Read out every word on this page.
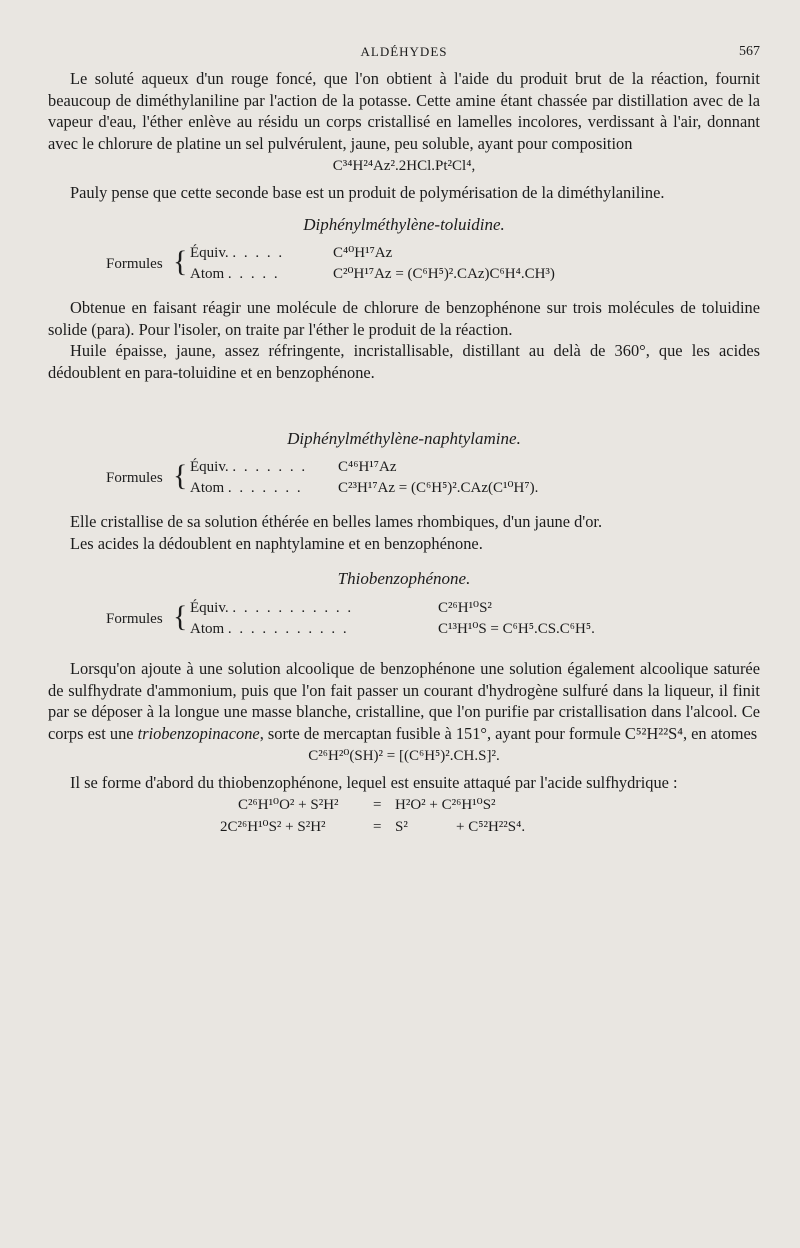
ALDÉHYDES	567

Le soluté aqueux d'un rouge foncé, que l'on obtient à l'aide du produit brut de la réaction, fournit beaucoup de diméthylaniline par l'action de la potasse. Cette amine étant chassée par distillation avec de la vapeur d'eau, l'éther enlève au résidu un corps cristallisé en lamelles incolores, verdissant à l'air, donnant avec le chlorure de platine un sel pulvérulent, jaune, peu soluble, ayant pour composition

C³⁴H²⁴Az².2HCl.Pt²Cl⁴,

Pauly pense que cette seconde base est un produit de polymérisation de la diméthylaniline.

Diphénylméthylène-toluidine.
Formules { Équiv. . . . . .	C⁴⁰H¹⁷Az
Atom . . . . .	C²⁰H¹⁷Az = (C⁶H⁵)².CAz)C⁶H⁴.CH³)

Obtenue en faisant réagir une molécule de chlorure de benzophénone sur trois molécules de toluidine solide (para). Pour l'isoler, on traite par l'éther le produit de la réaction.

Huile épaisse, jaune, assez réfringente, incristallisable, distillant au delà de 360°, que les acides dédoublent en para-toluidine et en benzophénone.

Diphénylméthylène-naphtylamine.
Formules { Équiv. . . . . . . . C⁴⁶H¹⁷Az
Atom . . . . . . . C²³H¹⁷Az = (C⁶H⁵)².CAz(C¹⁰H⁷).

Elle cristallise de sa solution éthérée en belles lames rhombiques, d'un jaune d'or.

Les acides la dédoublent en naphtylamine et en benzophénone.

Thiobenzophénone.
Formules { Équiv. . . . . . . . . . . .	C²⁶H¹⁰S²
Atom . . . . . . . . . . .	C¹³H¹⁰S = C⁶H⁵.CS.C⁶H⁵.

Lorsqu'on ajoute à une solution alcoolique de benzophénone une solution également alcoolique saturée de sulfhydrate d'ammonium, puis que l'on fait passer un courant d'hydrogène sulfuré dans la liqueur, il finit par se déposer à la longue une masse blanche, cristalline, que l'on purifie par cristallisation dans l'alcool. Ce corps est une triobenzopinacone, sorte de mercaptan fusible à 151°, ayant pour formule C⁵²H²²S⁴, en atomes

C²⁶H²⁰(SH)² = [(C⁶H⁵)².CH.S]².

Il se forme d'abord du thiobenzophénone, lequel est ensuite attaqué par l'acide sulfhydrique :

C²⁶H¹⁰O² + S²H² = H²O² + C²⁶H¹⁰S²
2C²⁶H¹⁰S² + S²H²	= S²	+ C⁵²H²²S⁴.
